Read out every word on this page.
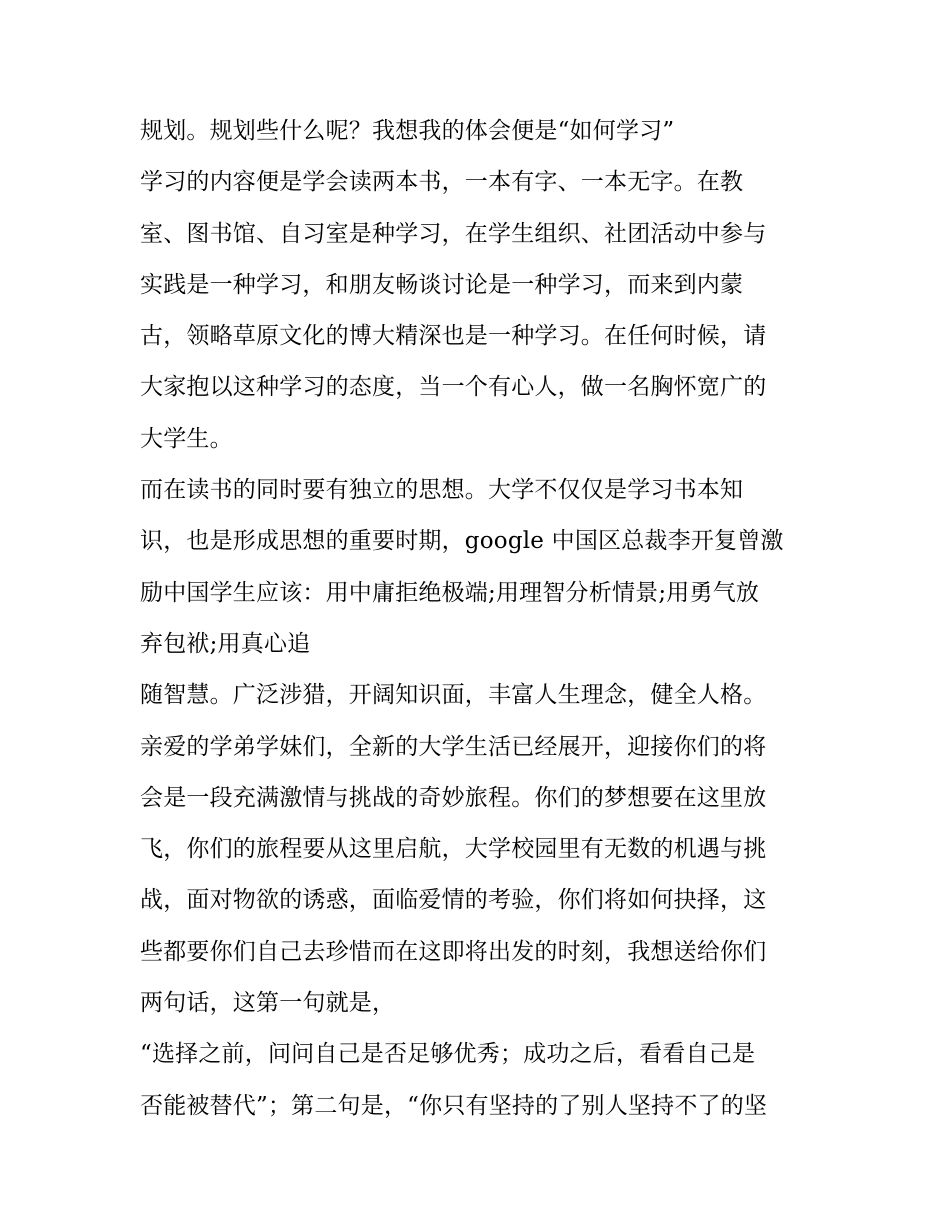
规划。规划些什么呢？我想我的体会便是“如何学习”

学习的内容便是学会读两本书，一本有字、一本无字。在教

室、图书馆、自习室是种学习，在学生组织、社团活动中参与

实践是一种学习，和朋友畅谈讨论是一种学习，而来到内蒙

古，领略草原文化的博大精深也是一种学习。在任何时候，请

大家抱以这种学习的态度，当一个有心人，做一名胸怀宽广的

大学生。

而在读书的同时要有独立的思想。大学不仅仅是学习书本知

识，也是形成思想的重要时期，google 中国区总裁李开复曾激

励中国学生应该：用中庸拒绝极端;用理智分析情景;用勇气放

弃包袱;用真心追

随智慧。广泛涉猎，开阔知识面，丰富人生理念，健全人格。

亲爱的学弟学妹们，全新的大学生活已经展开，迎接你们的将

会是一段充满激情与挑战的奇妙旅程。你们的梦想要在这里放

飞，你们的旅程要从这里启航，大学校园里有无数的机遇与挑

战，面对物欲的诱惑，面临爱情的考验，你们将如何抉择，这

些都要你们自己去珍惜而在这即将出发的时刻，我想送给你们

两句话，这第一句就是，

“选择之前，问问自己是否足够优秀；成功之后，看看自己是

否能被替代”；第二句是，“你只有坚持的了别人坚持不了的坚
